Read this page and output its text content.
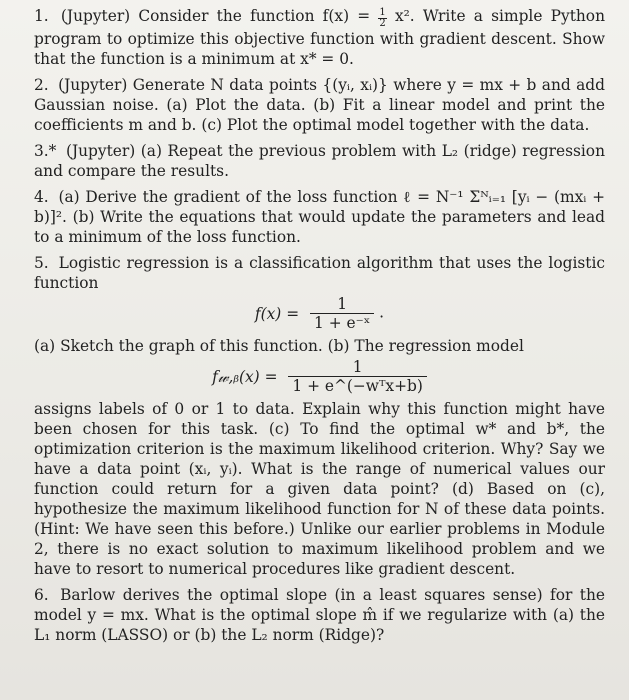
1. (Jupyter) Consider the function $f(x) = \frac{1}{2} x^2$. Write a simple Python program to optimize this objective function with gradient descent. Show that the function is a minimum at x* = 0.
2. (Jupyter) Generate N data points {(yᵢ, xᵢ)} where y = mx + b and add Gaussian noise. (a) Plot the data. (b) Fit a linear model and print the coefficients m and b. (c) Plot the optimal model together with the data.
3.* (Jupyter) (a) Repeat the previous problem with L₂ (ridge) regression and compare the results.
4. (a) Derive the gradient of the loss function ℓ = N⁻¹ Σᴺᵢ₌₁ [yᵢ − (mxᵢ + b)]². (b) Write the equations that would update the parameters and lead to a minimum of the loss function.
5. Logistic regression is a classification algorithm that uses the logistic function
$f(x) = \frac{1}{\text{1 + e⁻ˣ}}$ .
(a) Sketch the graph of this function. (b) The regression model
f𝓌,ᵦ(x) = $\frac{1}{\text{1 + e\textasciicircum{}(−wᵀx+b)}}$
assigns labels of 0 or 1 to data. Explain why this function might have been chosen for this task. (c) To find the optimal w* and b*, the optimization criterion is the maximum likelihood criterion. Why? Say we have a data point (xᵢ, yᵢ). What is the range of numerical values our function could return for a given data point? (d) Based on (c), hypothesize the maximum likelihood function for N of these data points. (Hint: We have seen this before.) Unlike our earlier problems in Module 2, there is no exact solution to maximum likelihood problem and we have to resort to numerical procedures like gradient descent.
6. Barlow derives the optimal slope (in a least squares sense) for the model y = mx. What is the optimal slope m̂ if we regularize with (a) the L₁ norm (LASSO) or (b) the L₂ norm (Ridge)?
